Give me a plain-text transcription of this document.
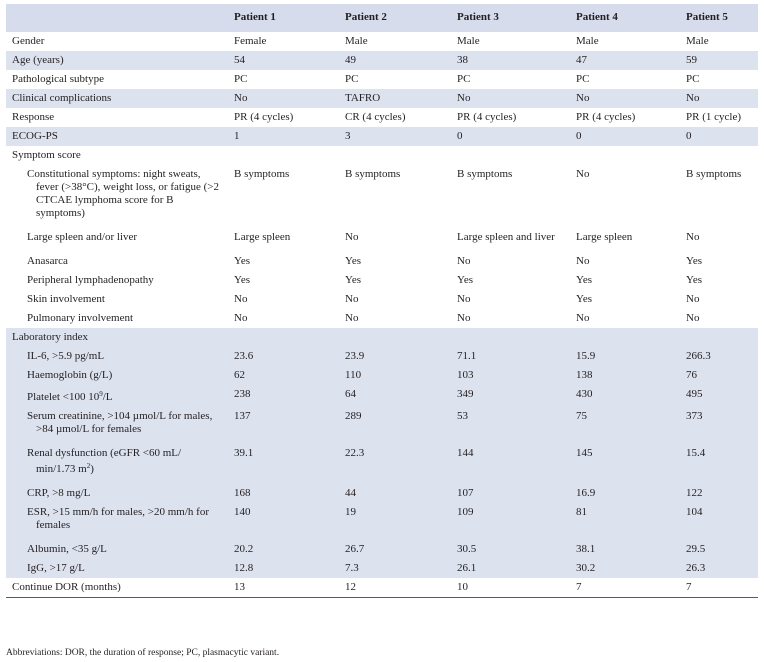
	Patient 1	Patient 2	Patient 3	Patient 4	Patient 5
Gender	Female	Male	Male	Male	Male
Age (years)	54	49	38	47	59
Pathological subtype	PC	PC	PC	PC	PC
Clinical complications	No	TAFRO	No	No	No
Response	PR (4 cycles)	CR (4 cycles)	PR (4 cycles)	PR (4 cycles)	PR (1 cycle)
ECOG-PS	1	3	0	0	0
Symptom score					
Constitutional symptoms: night sweats, fever (>38°C), weight loss, or fatigue (>2 CTCAE lymphoma score for B symptoms)	B symptoms	B symptoms	B symptoms	No	B symptoms
Large spleen and/or liver	Large spleen	No	Large spleen and liver	Large spleen	No
Anasarca	Yes	Yes	No	No	Yes
Peripheral lymphadenopathy	Yes	Yes	Yes	Yes	Yes
Skin involvement	No	No	No	Yes	No
Pulmonary involvement	No	No	No	No	No
Laboratory index					
IL-6, >5.9 pg/mL	23.6	23.9	71.1	15.9	266.3
Haemoglobin (g/L)	62	110	103	138	76
Platelet <100 $10^9/L$	238	64	349	430	495
Serum creatinine, >104 µmol/L for males, >84 µmol/L for females	137	289	53	75	373
Renal dysfunction (eGFR <60 mL/ min/1.73 $m^2$)	39.1	22.3	144	145	15.4
CRP, >8 mg/L	168	44	107	16.9	122
ESR, >15 mm/h for males, >20 mm/h for females	140	19	109	81	104
Albumin, <35 g/L	20.2	26.7	30.5	38.1	29.5
IgG, >17 g/L	12.8	7.3	26.1	30.2	26.3
Continue DOR (months)	13	12	10	7	7
Abbreviations: DOR, the duration of response; PC, plasmacytic variant.
